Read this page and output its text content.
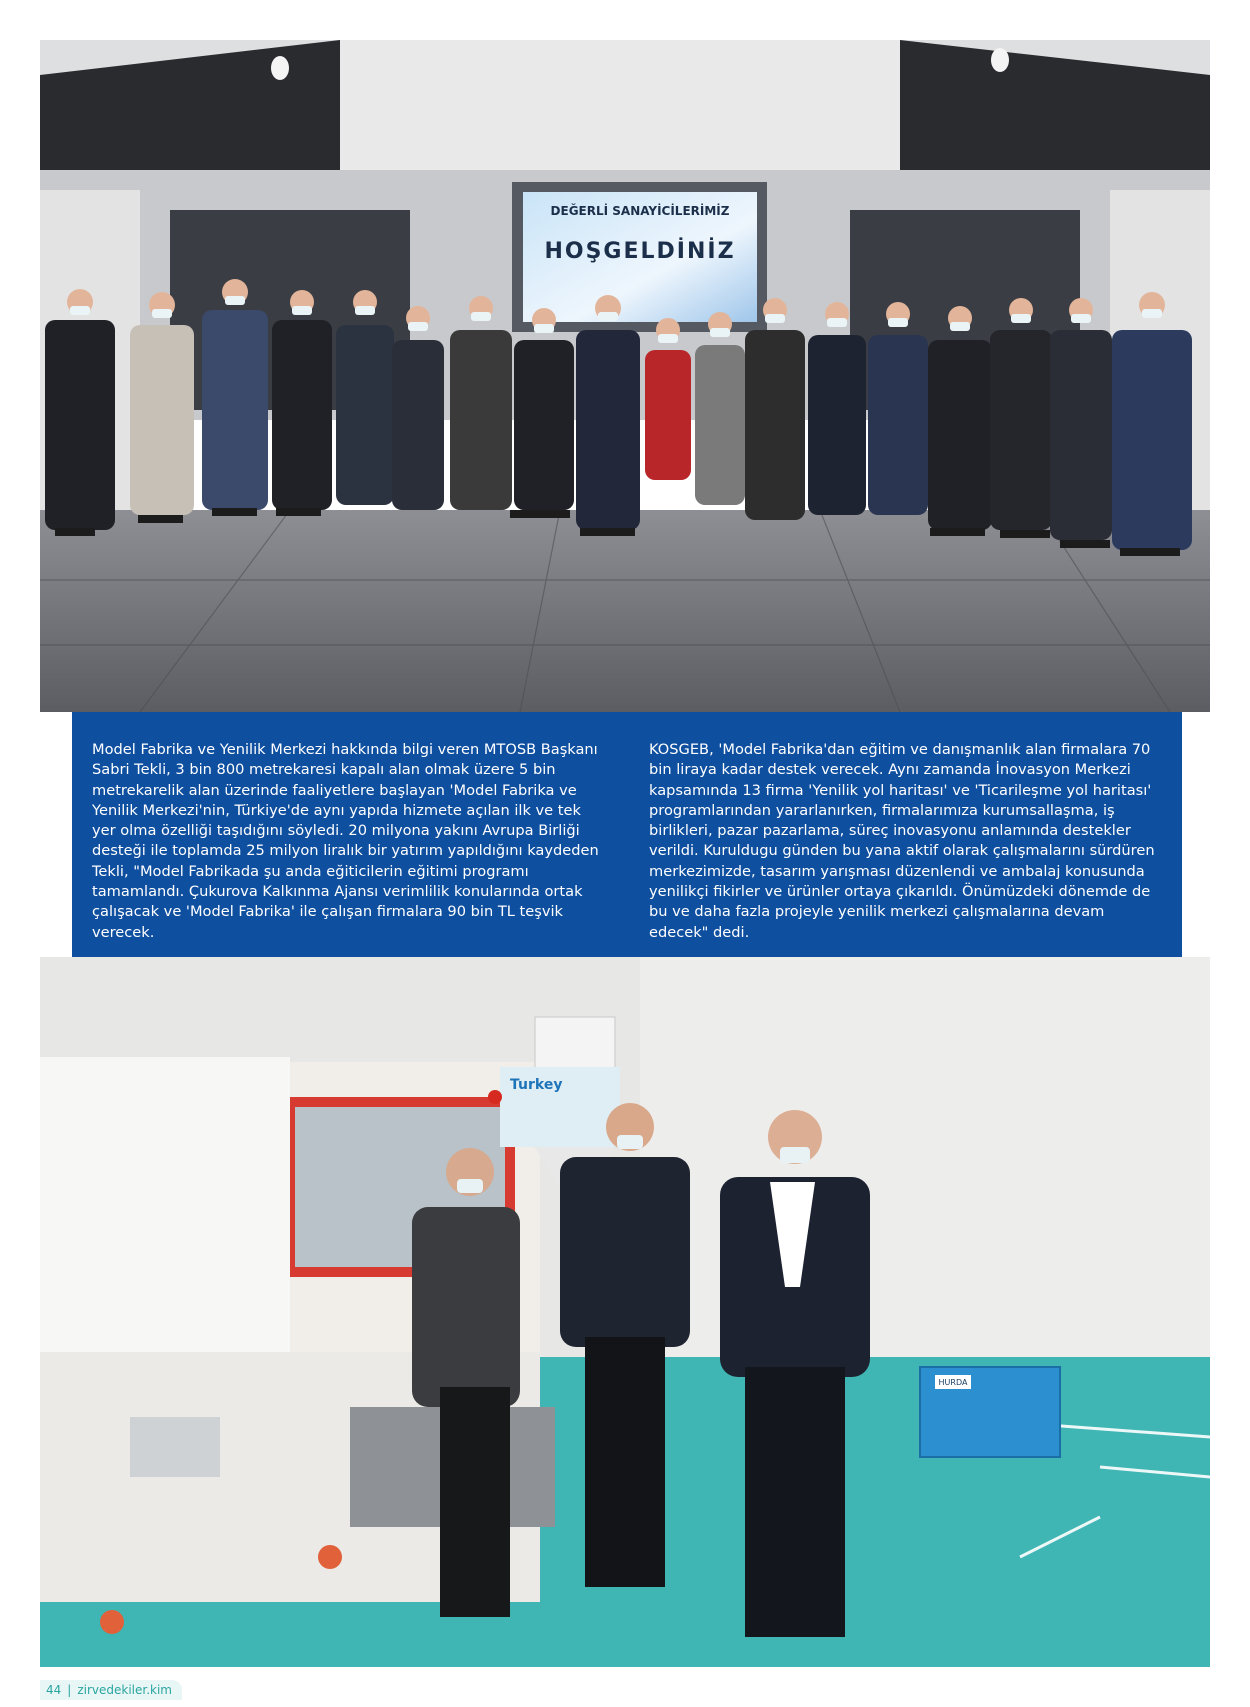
DEĞERLİ SANAYİCİLERİMİZ
HOŞGELDİNİZ

Model Fabrika ve Yenilik Merkezi hakkında bilgi veren MTOSB Başkanı Sabri Tekli, 3 bin 800 metrekaresi kapalı alan olmak üzere 5 bin metrekarelik alan üzerinde faaliyetlere başlayan 'Model Fabrika ve Yenilik Merkezi'nin, Türkiye'de aynı yapıda hizmete açılan ilk ve tek yer olma özelliği taşıdığını söyledi. 20 milyona yakını Avrupa Birliği desteği ile toplamda 25 milyon liralık bir yatırım yapıldığını kaydeden Tekli, "Model Fabrikada şu anda eğiticilerin eğitimi programı tamamlandı. Çukurova Kalkınma Ajansı verimlilik konularında ortak çalışacak ve 'Model Fabrika' ile çalışan firmalara 90 bin TL teşvik verecek.

KOSGEB, 'Model Fabrika'dan eğitim ve danışmanlık alan firmalara 70 bin liraya kadar destek verecek. Aynı zamanda İnovasyon Merkezi kapsamında 13 firma 'Yenilik yol haritası' ve 'Ticarileşme yol haritası' programlarından yararlanırken, firmalarımıza kurumsallaşma, iş birlikleri, pazar pazarlama, süreç inovasyonu anlamında destekler verildi. Kuruldugu günden bu yana aktif olarak çalışmalarını sürdüren merkezimizde, tasarım yarışması düzenlendi ve ambalaj konusunda yenilikçi fikirler ve ürünler ortaya çıkarıldı. Önümüzdeki dönemde de bu ve daha fazla projeyle yenilik merkezi çalışmalarına devam edecek" dedi.

Turkey
HURDA
44 | zirvedekiler.kim
